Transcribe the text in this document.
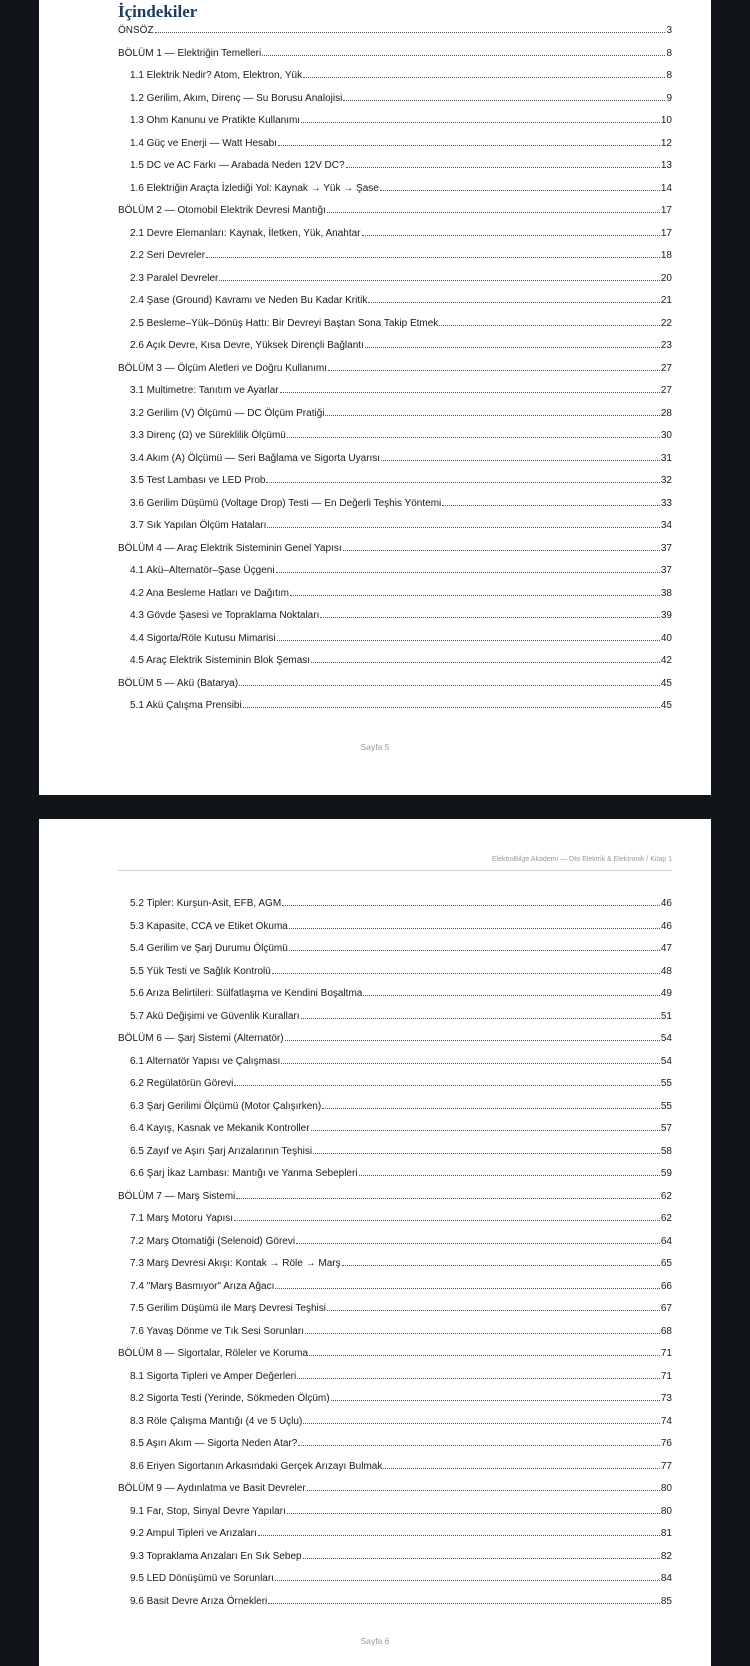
İçindekiler
ÖNSÖZ	3
BÖLÜM 1 — Elektriğin Temelleri	8
1.1 Elektrik Nedir? Atom, Elektron, Yük	8
1.2 Gerilim, Akım, Direnç — Su Borusu Analojisi	9
1.3 Ohm Kanunu ve Pratikte Kullanımı	10
1.4 Güç ve Enerji — Watt Hesabı	12
1.5 DC ve AC Farkı — Arabada Neden 12V DC?	13
1.6 Elektriğin Araçta İzlediği Yol: Kaynak → Yük → Şase	14
BÖLÜM 2 — Otomobil Elektrik Devresi Mantığı	17
2.1 Devre Elemanları: Kaynak, İletken, Yük, Anahtar	17
2.2 Seri Devreler	18
2.3 Paralel Devreler	20
2.4 Şase (Ground) Kavramı ve Neden Bu Kadar Kritik	21
2.5 Besleme–Yük–Dönüş Hattı: Bir Devreyi Baştan Sona Takip Etmek	22
2.6 Açık Devre, Kısa Devre, Yüksek Dirençli Bağlantı	23
BÖLÜM 3 — Ölçüm Aletleri ve Doğru Kullanımı	27
3.1 Multimetre: Tanıtım ve Ayarlar	27
3.2 Gerilim (V) Ölçümü — DC Ölçüm Pratiği	28
3.3 Direnç (Ω) ve Süreklilik Ölçümü	30
3.4 Akım (A) Ölçümü — Seri Bağlama ve Sigorta Uyarısı	31
3.5 Test Lambası ve LED Prob	32
3.6 Gerilim Düşümü (Voltage Drop) Testi — En Değerli Teşhis Yöntemi	33
3.7 Sık Yapılan Ölçüm Hataları	34
BÖLÜM 4 — Araç Elektrik Sisteminin Genel Yapısı	37
4.1 Akü–Alternatör–Şase Üçgeni	37
4.2 Ana Besleme Hatları ve Dağıtım	38
4.3 Gövde Şasesi ve Topraklama Noktaları	39
4.4 Sigorta/Röle Kutusu Mimarisi	40
4.5 Araç Elektrik Sisteminin Blok Şeması	42
BÖLÜM 5 — Akü (Batarya)	45
5.1 Akü Çalışma Prensibi	45
Sayfa 5
ElektroBilge Akademi — Oto Elektrik & Elektronik / Kitap 1
5.2 Tipler: Kurşun-Asit, EFB, AGM	46
5.3 Kapasite, CCA ve Etiket Okuma	46
5.4 Gerilim ve Şarj Durumu Ölçümü	47
5.5 Yük Testi ve Sağlık Kontrolü	48
5.6 Arıza Belirtileri: Sülfatlaşma ve Kendini Boşaltma	49
5.7 Akü Değişimi ve Güvenlik Kuralları	51
BÖLÜM 6 — Şarj Sistemi (Alternatör)	54
6.1 Alternatör Yapısı ve Çalışması	54
6.2 Regülatörün Görevi	55
6.3 Şarj Gerilimi Ölçümü (Motor Çalışırken)	55
6.4 Kayış, Kasnak ve Mekanik Kontroller	57
6.5 Zayıf ve Aşırı Şarj Arızalarının Teşhisi	58
6.6 Şarj İkaz Lambası: Mantığı ve Yanma Sebepleri	59
BÖLÜM 7 — Marş Sistemi	62
7.1 Marş Motoru Yapısı	62
7.2 Marş Otomatiği (Selenoid) Görevi	64
7.3 Marş Devresi Akışı: Kontak → Röle → Marş	65
7.4 "Marş Basmıyor" Arıza Ağacı	66
7.5 Gerilim Düşümü ile Marş Devresi Teşhisi	67
7.6 Yavaş Dönme ve Tık Sesi Sorunları	68
BÖLÜM 8 — Sigortalar, Röleler ve Koruma	71
8.1 Sigorta Tipleri ve Amper Değerleri	71
8.2 Sigorta Testi (Yerinde, Sökmeden Ölçüm)	73
8.3 Röle Çalışma Mantığı (4 ve 5 Uçlu)	74
8.5 Aşırı Akım — Sigorta Neden Atar?	76
8.6 Eriyen Sigortanın Arkasındaki Gerçek Arızayı Bulmak	77
BÖLÜM 9 — Aydınlatma ve Basit Devreler	80
9.1 Far, Stop, Sinyal Devre Yapıları	80
9.2 Ampul Tipleri ve Arızaları	81
9.3 Topraklama Arızaları En Sık Sebep	82
9.5 LED Dönüşümü ve Sorunları	84
9.6 Basit Devre Arıza Örnekleri	85
Sayfa 6
